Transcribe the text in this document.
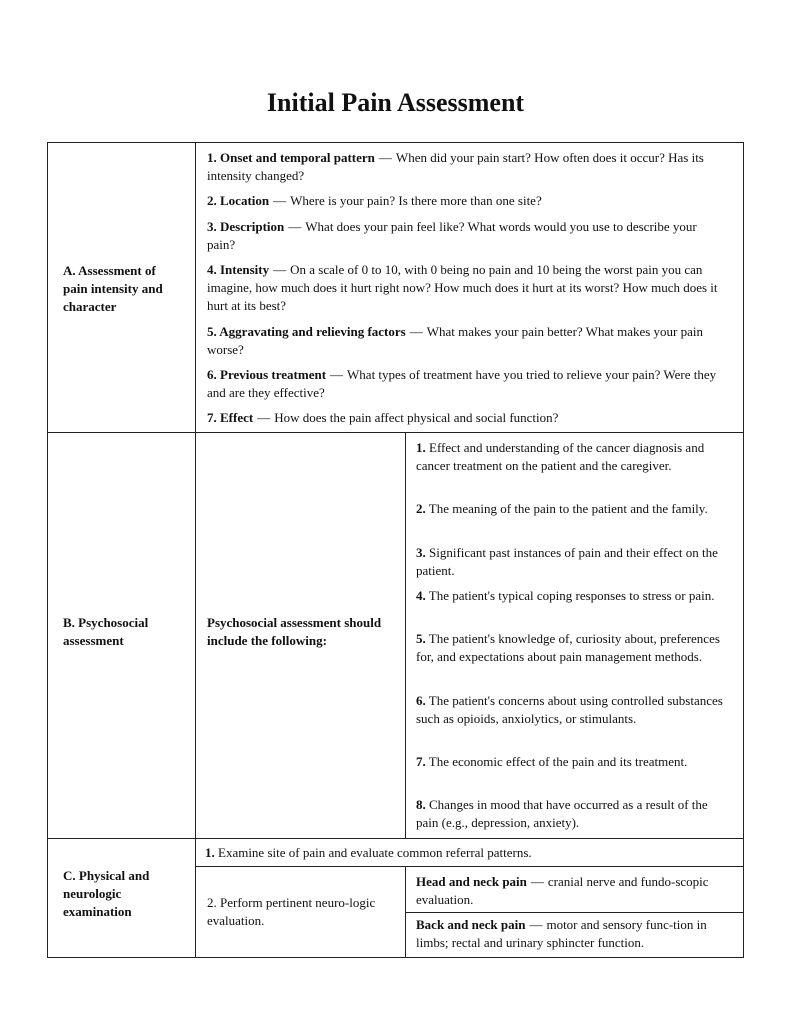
Initial Pain Assessment
A. Assessment of pain intensity and character
1. Onset and temporal pattern — When did your pain start? How often does it occur? Has its intensity changed?
2. Location — Where is your pain? Is there more than one site?
3. Description — What does your pain feel like? What words would you use to describe your pain?
4. Intensity — On a scale of 0 to 10, with 0 being no pain and 10 being the worst pain you can imagine, how much does it hurt right now? How much does it hurt at its worst? How much does it hurt at its best?
5. Aggravating and relieving factors — What makes your pain better? What makes your pain worse?
6. Previous treatment — What types of treatment have you tried to relieve your pain? Were they and are they effective?
7. Effect — How does the pain affect physical and social function?
B. Psychosocial assessment
Psychosocial assessment should include the following:
1. Effect and understanding of the cancer diagnosis and cancer treatment on the patient and the caregiver.
2. The meaning of the pain to the patient and the family.
3. Significant past instances of pain and their effect on the patient.
4. The patient's typical coping responses to stress or pain.
5. The patient's knowledge of, curiosity about, preferences for, and expectations about pain management methods.
6. The patient's concerns about using controlled substances such as opioids, anxiolytics, or stimulants.
7. The economic effect of the pain and its treatment.
8. Changes in mood that have occurred as a result of the pain (e.g., depression, anxiety).
C. Physical and neurologic examination
1. Examine site of pain and evaluate common referral patterns.
2. Perform pertinent neuro-logic evaluation.
Head and neck pain — cranial nerve and fundo-scopic evaluation.
Back and neck pain — motor and sensory func-tion in limbs; rectal and urinary sphincter function.
